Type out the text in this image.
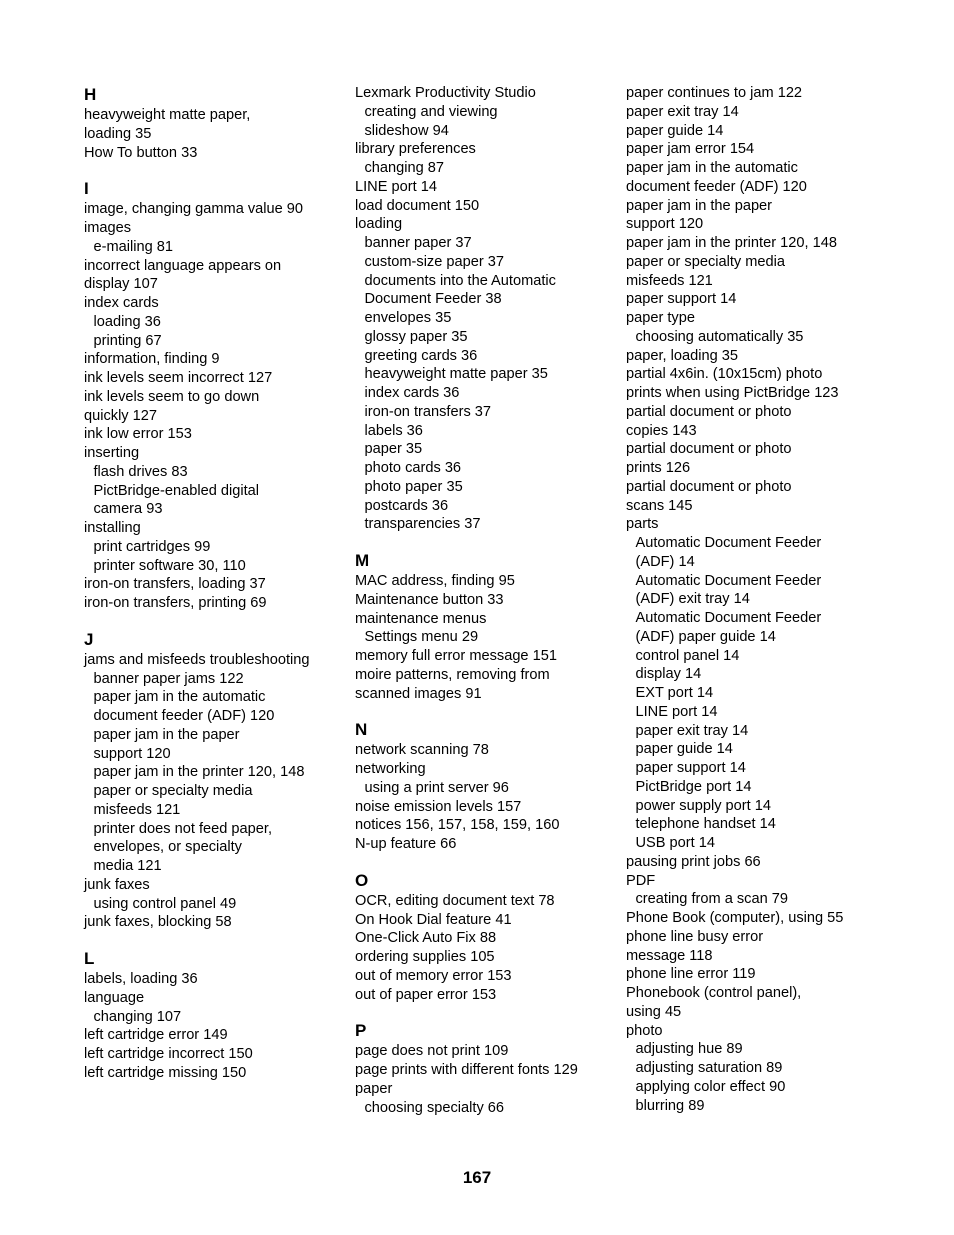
H
heavyweight matte paper,
loading 35
How To button 33
I
image, changing gamma value 90
images
e-mailing 81
incorrect language appears on
display 107
index cards
loading 36
printing 67
information, finding 9
ink levels seem incorrect 127
ink levels seem to go down
quickly 127
ink low error 153
inserting
flash drives 83
PictBridge-enabled digital
camera 93
installing
print cartridges 99
printer software 30, 110
iron-on transfers, loading 37
iron-on transfers, printing 69
J
jams and misfeeds troubleshooting
banner paper jams 122
paper jam in the automatic
document feeder (ADF) 120
paper jam in the paper
support 120
paper jam in the printer 120, 148
paper or specialty media
misfeeds 121
printer does not feed paper,
envelopes, or specialty
media 121
junk faxes
using control panel 49
junk faxes, blocking 58
L
labels, loading 36
language
changing 107
left cartridge error 149
left cartridge incorrect 150
left cartridge missing 150
Lexmark Productivity Studio
creating and viewing
slideshow 94
library preferences
changing 87
LINE port 14
load document 150
loading
banner paper 37
custom-size paper 37
documents into the Automatic
Document Feeder 38
envelopes 35
glossy paper 35
greeting cards 36
heavyweight matte paper 35
index cards 36
iron-on transfers 37
labels 36
paper 35
photo cards 36
photo paper 35
postcards 36
transparencies 37
M
MAC address, finding 95
Maintenance button 33
maintenance menus
Settings menu 29
memory full error message 151
moire patterns, removing from
scanned images 91
N
network scanning 78
networking
using a print server 96
noise emission levels 157
notices 156, 157, 158, 159, 160
N-up feature 66
O
OCR, editing document text 78
On Hook Dial feature 41
One-Click Auto Fix 88
ordering supplies 105
out of memory error 153
out of paper error 153
P
page does not print 109
page prints with different fonts 129
paper
choosing specialty 66
paper continues to jam 122
paper exit tray 14
paper guide 14
paper jam error 154
paper jam in the automatic
document feeder (ADF) 120
paper jam in the paper
support 120
paper jam in the printer 120, 148
paper or specialty media
misfeeds 121
paper support 14
paper type
choosing automatically 35
paper, loading 35
partial 4x6in. (10x15cm) photo
prints when using PictBridge 123
partial document or photo
copies 143
partial document or photo
prints 126
partial document or photo
scans 145
parts
Automatic Document Feeder
(ADF) 14
Automatic Document Feeder
(ADF) exit tray 14
Automatic Document Feeder
(ADF) paper guide 14
control panel 14
display 14
EXT port 14
LINE port 14
paper exit tray 14
paper guide 14
paper support 14
PictBridge port 14
power supply port 14
telephone handset 14
USB port 14
pausing print jobs 66
PDF
creating from a scan 79
Phone Book (computer), using 55
phone line busy error
message 118
phone line error 119
Phonebook (control panel),
using 45
photo
adjusting hue 89
adjusting saturation 89
applying color effect 90
blurring 89
167
